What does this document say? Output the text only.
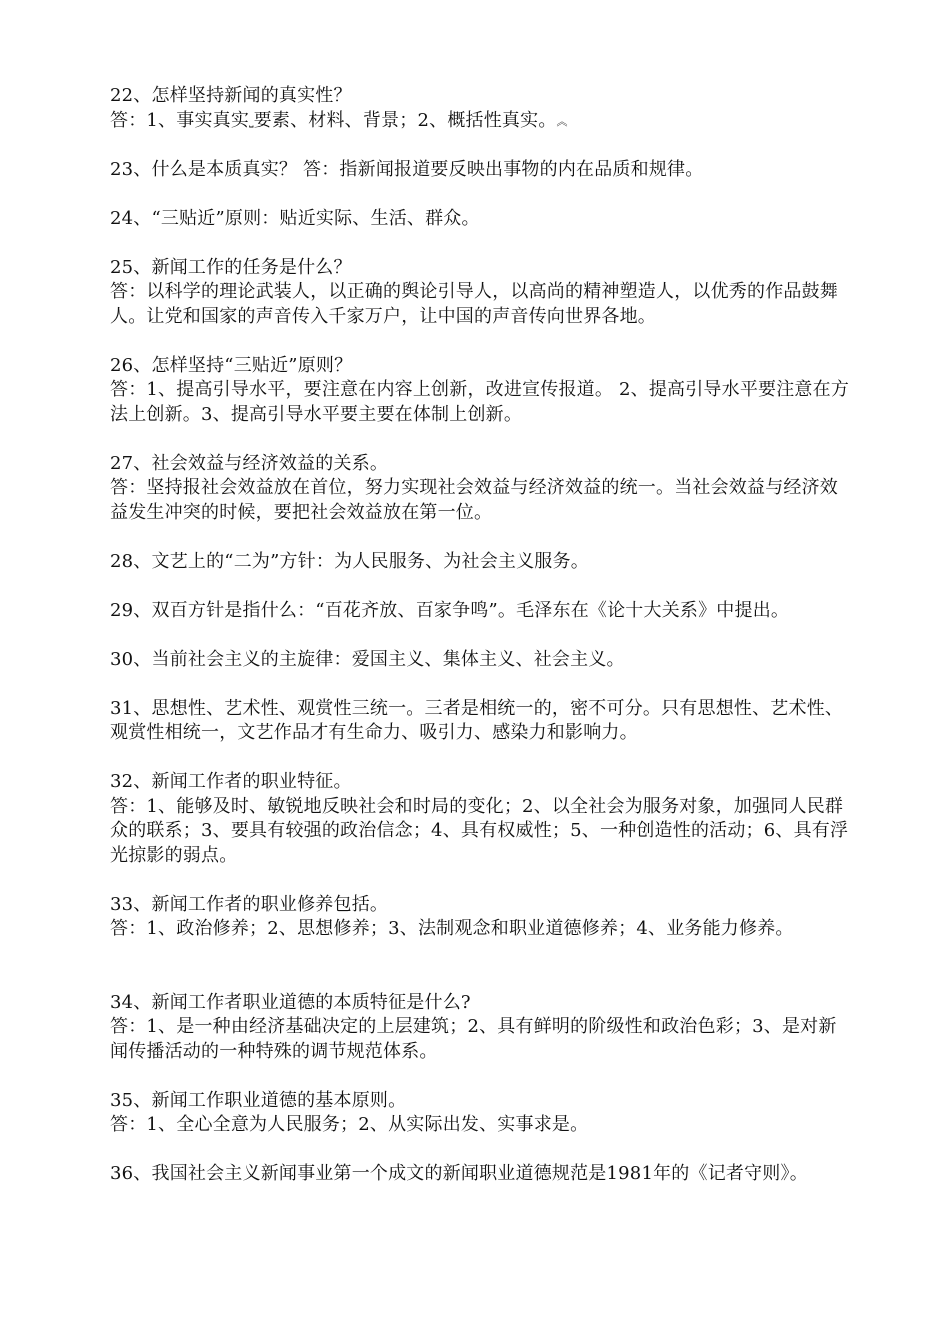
22、怎样坚持新闻的真实性？

答：1、事实真实⎵要素、材料、背景；2、概括性真实。︽

23、什么是本质真实？ 答：指新闻报道要反映出事物的内在品质和规律。

24、“三贴近”原则：贴近实际、生活、群众。

25、新闻工作的任务是什么？

答：以科学的理论武装人，以正确的舆论引导人，以高尚的精神塑造人，以优秀的作品鼓舞人。让党和国家的声音传入千家万户，让中国的声音传向世界各地。

26、怎样坚持“三贴近”原则？

答：1、提高引导水平，要注意在内容上创新，改进宣传报道。 2、提高引导水平要注意在方法上创新。3、提高引导水平要主要在体制上创新。

27、社会效益与经济效益的关系。

答：坚持报社会效益放在首位，努力实现社会效益与经济效益的统一。当社会效益与经济效益发生冲突的时候，要把社会效益放在第一位。

28、文艺上的“二为”方针：为人民服务、为社会主义服务。

29、双百方针是指什么：“百花齐放、百家争鸣”。毛泽东在《论十大关系》中提出。

30、当前社会主义的主旋律：爱国主义、集体主义、社会主义。

31、思想性、艺术性、观赏性三统一。三者是相统一的，密不可分。只有思想性、艺术性、观赏性相统一，文艺作品才有生命力、吸引力、感染力和影响力。

32、新闻工作者的职业特征。

答：1、能够及时、敏锐地反映社会和时局的变化；2、以全社会为服务对象，加强同人民群众的联系；3、要具有较强的政治信念；4、具有权威性；5、一种创造性的活动；6、具有浮光掠影的弱点。

33、新闻工作者的职业修养包括。

答：1、政治修养；2、思想修养；3、法制观念和职业道德修养；4、业务能力修养。

34、新闻工作者职业道德的本质特征是什么?

答：1、是一种由经济基础决定的上层建筑；2、具有鲜明的阶级性和政治色彩；3、是对新闻传播活动的一种特殊的调节规范体系。

35、新闻工作职业道德的基本原则。

答：1、全心全意为人民服务；2、从实际出发、实事求是。

36、我国社会主义新闻事业第一个成文的新闻职业道德规范是1981年的《记者守则》。
